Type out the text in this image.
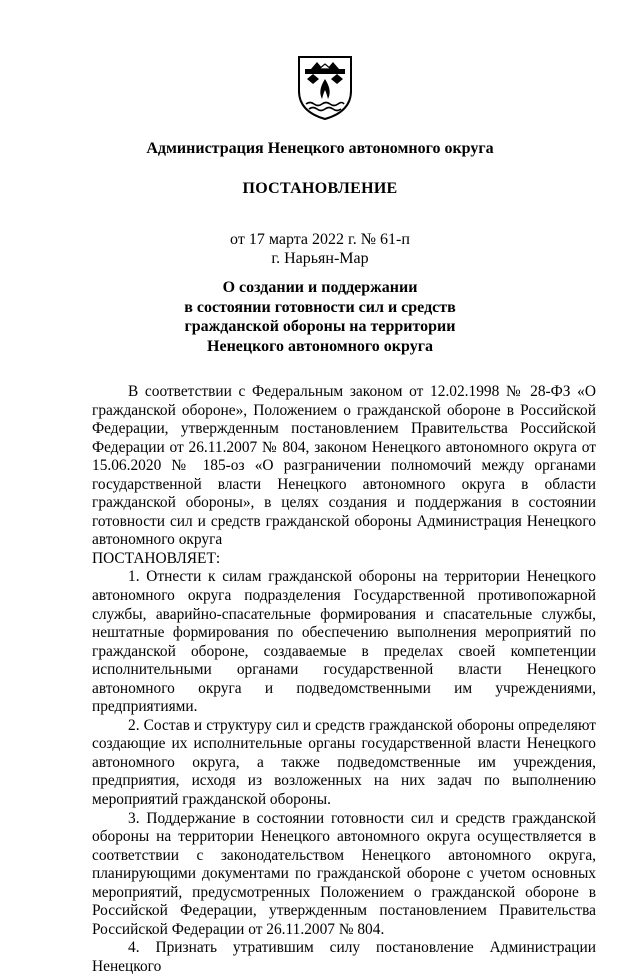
Администрация Ненецкого автономного округа
ПОСТАНОВЛЕНИЕ
от 17 марта 2022 г. № 61-п
г. Нарьян-Мар
О создании и поддержании
в состоянии готовности сил и средств
гражданской обороны на территории
Ненецкого автономного округа

В соответствии с Федеральным законом от 12.02.1998 № 28-ФЗ «О гражданской обороне», Положением о гражданской обороне в Российской Федерации, утвержденным постановлением Правительства Российской Федерации от 26.11.2007 № 804, законом Ненецкого автономного округа от 15.06.2020 № 185-оз «О разграничении полномочий между органами государственной власти Ненецкого автономного округа в области гражданской обороны», в целях создания и поддержания в состоянии готовности сил и средств гражданской обороны Администрация Ненецкого автономного округа

ПОСТАНОВЛЯЕТ:

1. Отнести к силам гражданской обороны на территории Ненецкого автономного округа подразделения Государственной противопожарной службы, аварийно-спасательные формирования и спасательные службы, нештатные формирования по обеспечению выполнения мероприятий по гражданской обороне, создаваемые в пределах своей компетенции исполнительными органами государственной власти Ненецкого автономного округа и подведомственными им учреждениями, предприятиями.

2. Состав и структуру сил и средств гражданской обороны определяют создающие их исполнительные органы государственной власти Ненецкого автономного округа, а также подведомственные им учреждения, предприятия, исходя из возложенных на них задач по выполнению мероприятий гражданской обороны.

3. Поддержание в состоянии готовности сил и средств гражданской обороны на территории Ненецкого автономного округа осуществляется в соответствии с законодательством Ненецкого автономного округа, планирующими документами по гражданской обороне с учетом основных мероприятий, предусмотренных Положением о гражданской обороне в Российской Федерации, утвержденным постановлением Правительства Российской Федерации от 26.11.2007 № 804.

4. Признать утратившим силу постановление Администрации Ненецкого
